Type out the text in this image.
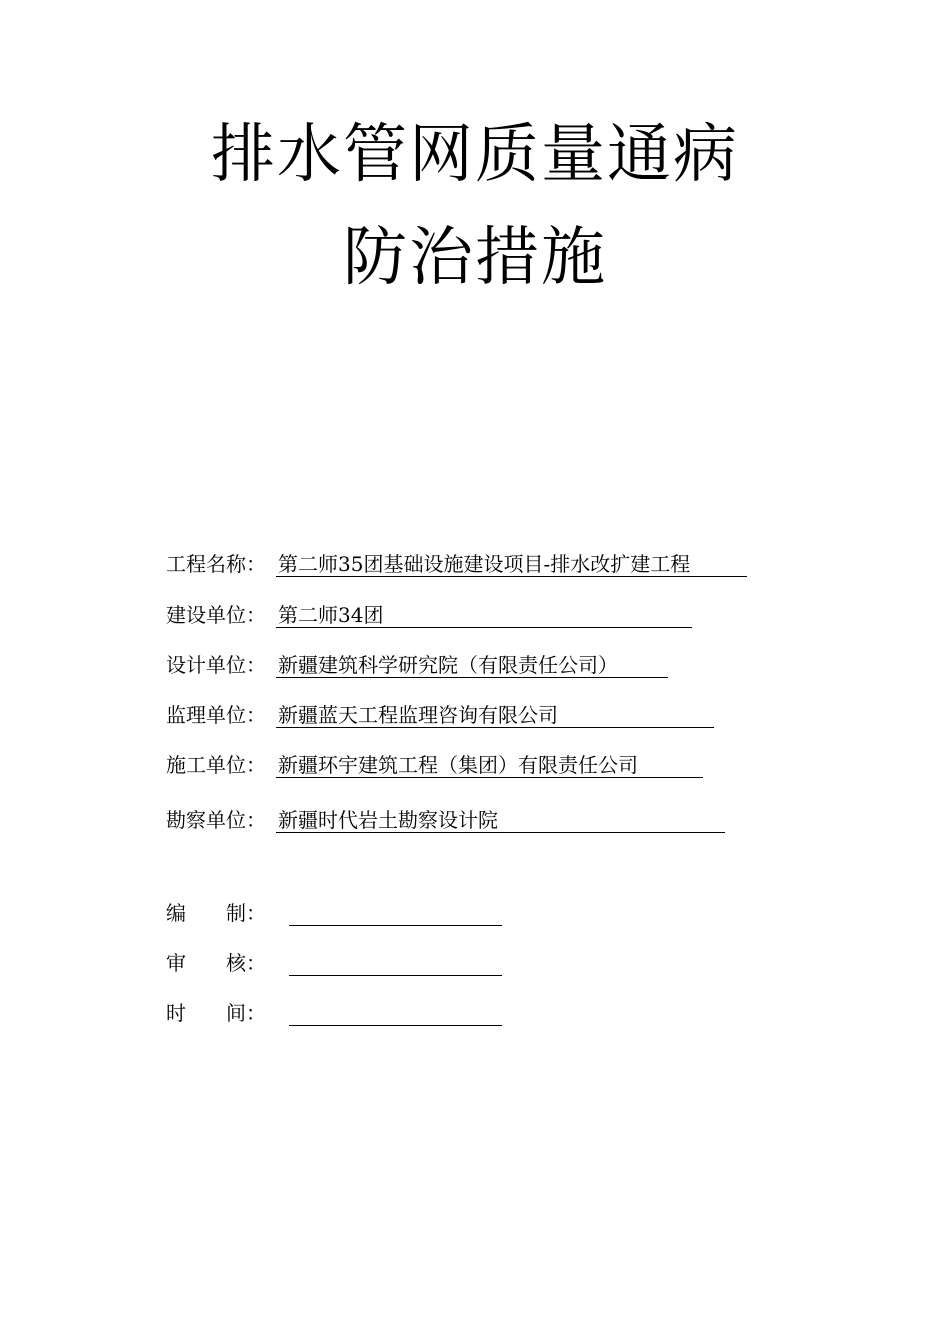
排水管网质量通病
防治措施
工程名称： 第二师35团基础设施建设项目-排水改扩建工程
建设单位： 第二师34团
设计单位： 新疆建筑科学研究院（有限责任公司）
监理单位： 新疆蓝天工程监理咨询有限公司
施工单位： 新疆环宇建筑工程（集团）有限责任公司
勘察单位： 新疆时代岩土勘察设计院
编 制：
审 核：
时 间：
